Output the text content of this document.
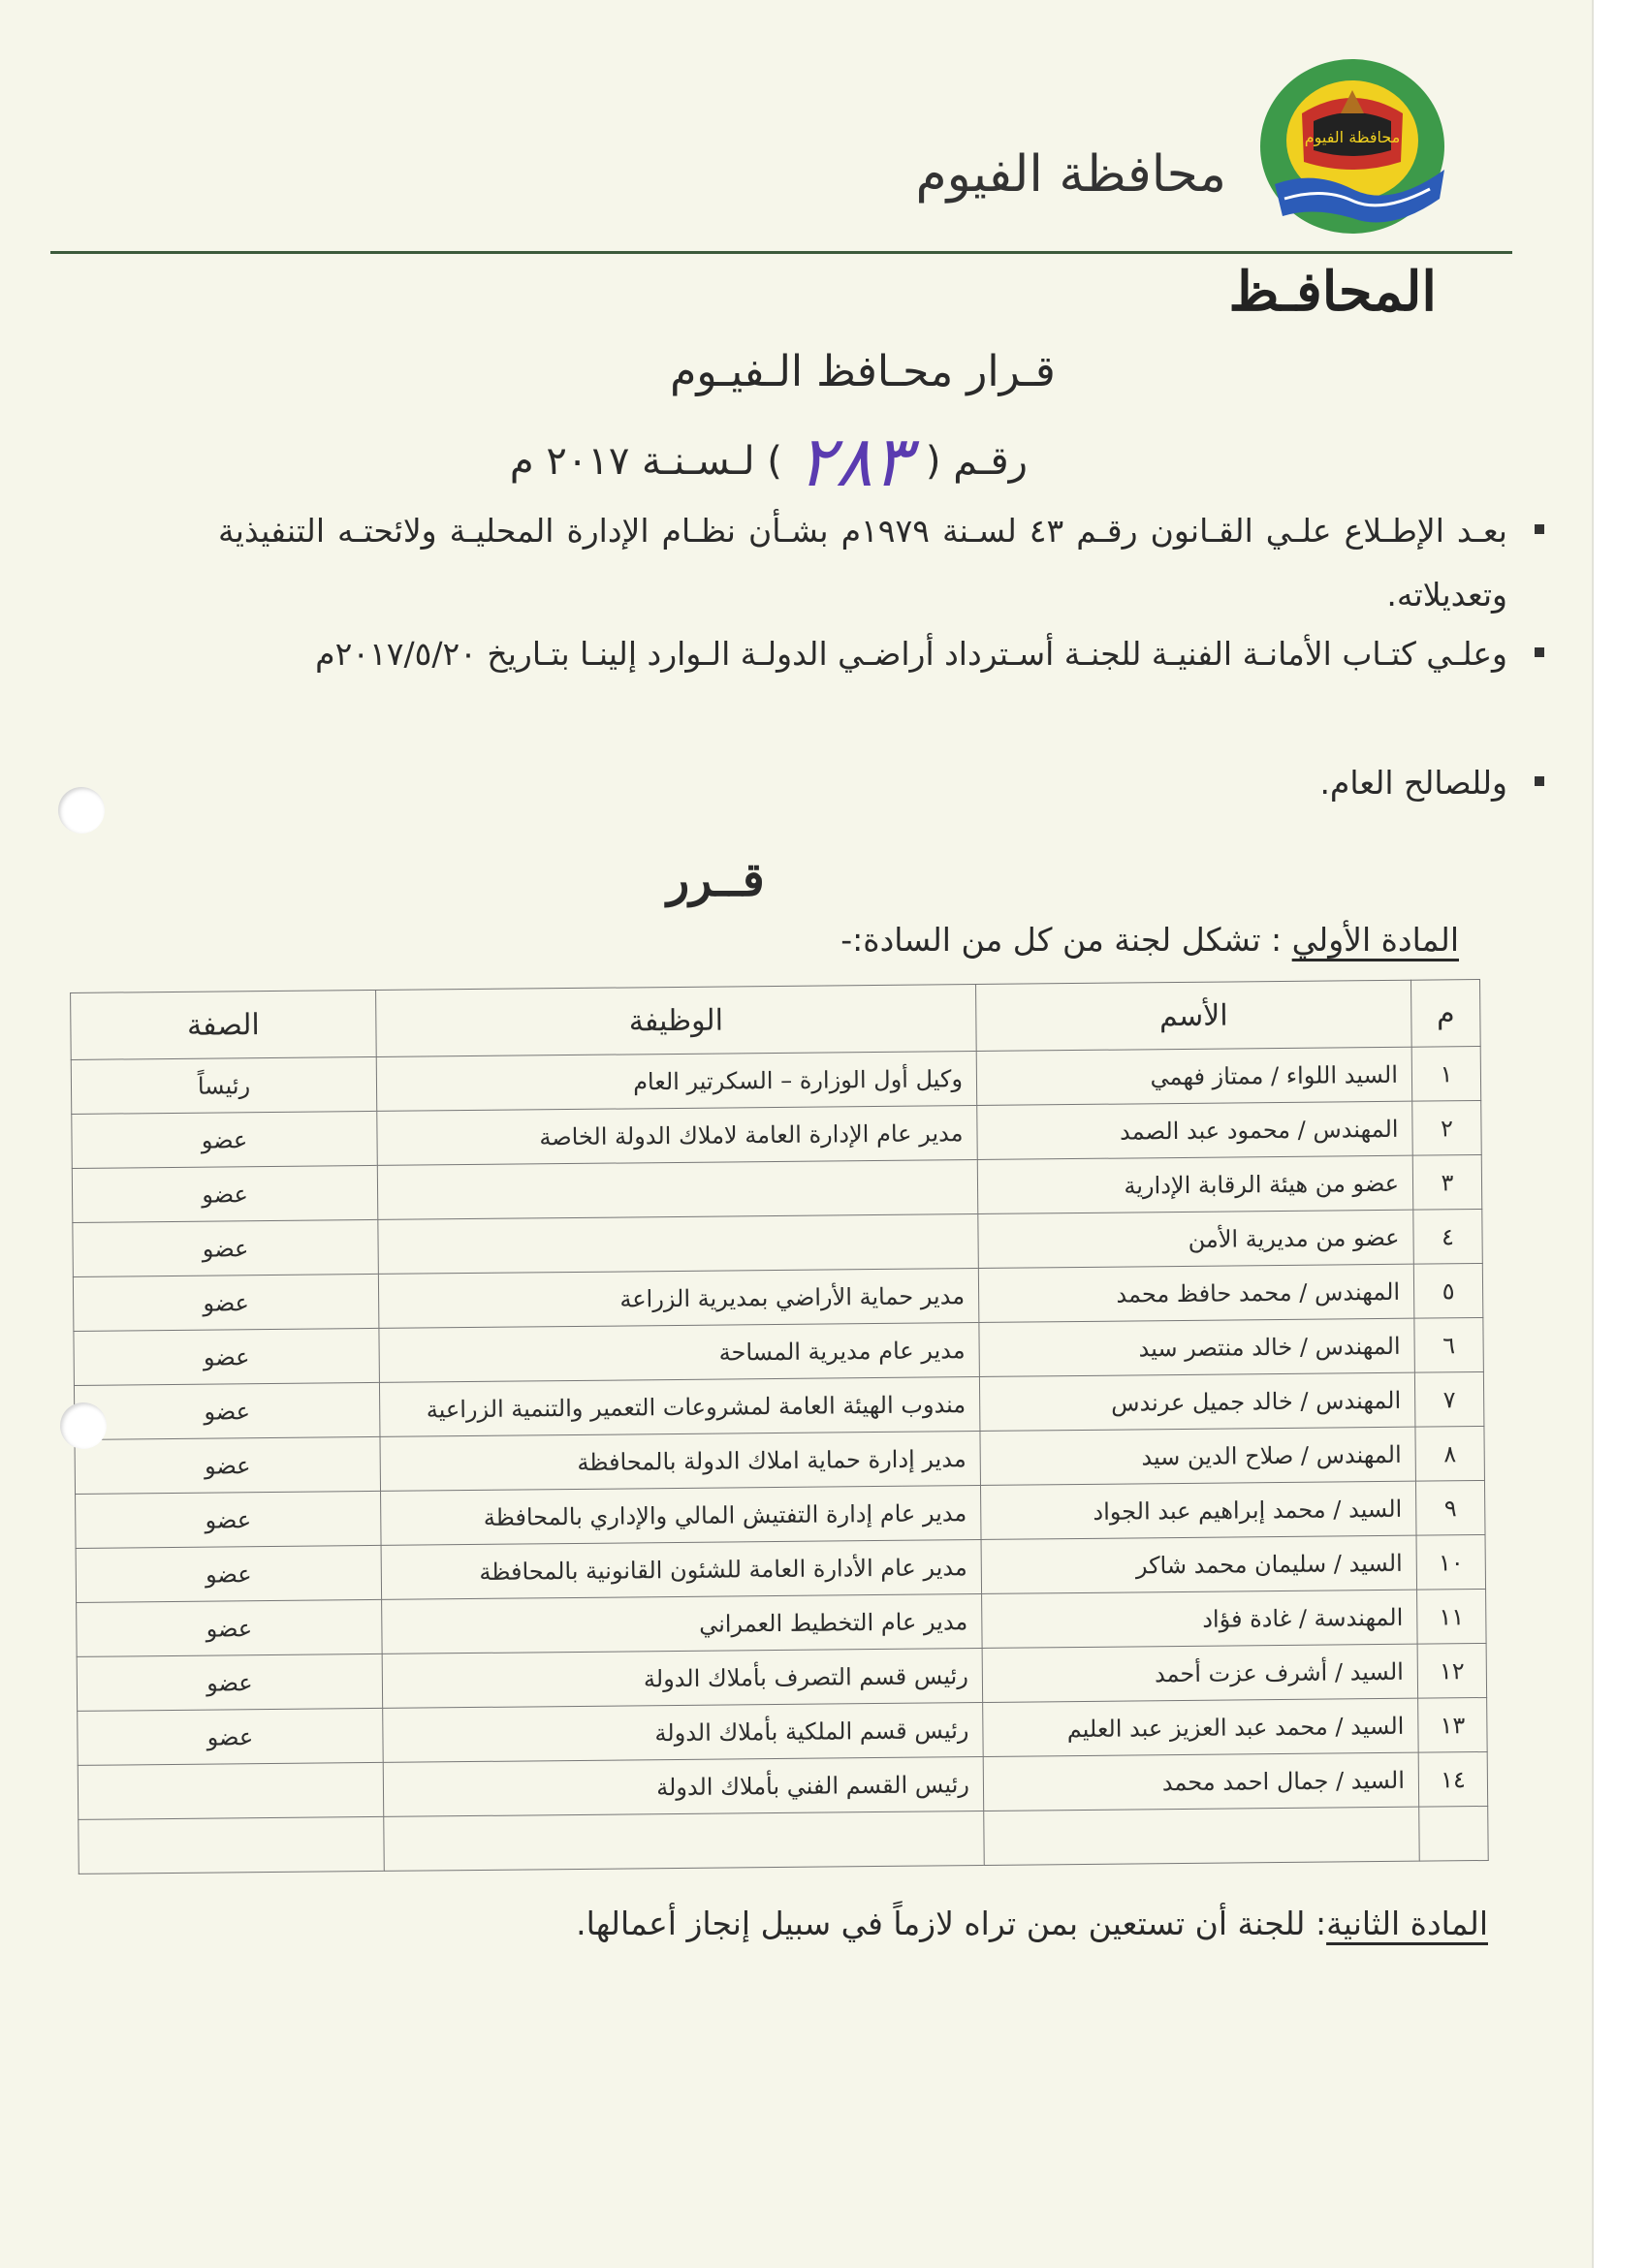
محافظة الفيوم
محافظة الفيوم
المحافـظ
قـرار محـافظ الـفيـوم
رقـم (
٢٨٣
) لـسـنـة ٢٠١٧ م
بعـد الإطـلاع علـي القـانون رقـم ٤٣ لسـنة ١٩٧٩م بشـأن نظـام الإدارة المحليـة ولائحتـه التنفيذية وتعديلاته.
وعلـي كتـاب الأمانـة الفنيـة للجنـة أسـترداد أراضـي الدولـة الـوارد إلينـا بتـاريخ ٢٠١٧/٥/٢٠م
وللصالح العام.
قــرر
المادة الأولي : تشكل لجنة من كل من السادة:-
م	الأسم	الوظيفة	الصفة
١	السيد اللواء / ممتاز فهمي	وكيل أول الوزارة – السكرتير العام	رئيساً
٢	المهندس / محمود عبد الصمد	مدير عام الإدارة العامة لاملاك الدولة الخاصة	عضو
٣	عضو من هيئة الرقابة الإدارية		عضو
٤	عضو من مديرية الأمن		عضو
٥	المهندس / محمد حافظ محمد	مدير حماية الأراضي بمديرية الزراعة	عضو
٦	المهندس / خالد منتصر سيد	مدير عام مديرية المساحة	عضو
٧	المهندس / خالد جميل عرندس	مندوب الهيئة العامة لمشروعات التعمير والتنمية الزراعية	عضو
٨	المهندس / صلاح الدين سيد	مدير إدارة حماية املاك الدولة بالمحافظة	عضو
٩	السيد / محمد إبراهيم عبد الجواد	مدير عام إدارة التفتيش المالي والإداري بالمحافظة	عضو
١٠	السيد / سليمان محمد شاكر	مدير عام الأدارة العامة للشئون القانونية بالمحافظة	عضو
١١	المهندسة / غادة فؤاد	مدير عام التخطيط العمراني	عضو
١٢	السيد / أشرف عزت أحمد	رئيس قسم التصرف بأملاك الدولة	عضو
١٣	السيد / محمد عبد العزيز عبد العليم	رئيس قسم الملكية بأملاك الدولة	عضو
١٤	السيد / جمال احمد محمد	رئيس القسم الفني بأملاك الدولة	

المادة الثانية: للجنة أن تستعين بمن تراه لازماً في سبيل إنجاز أعمالها.
